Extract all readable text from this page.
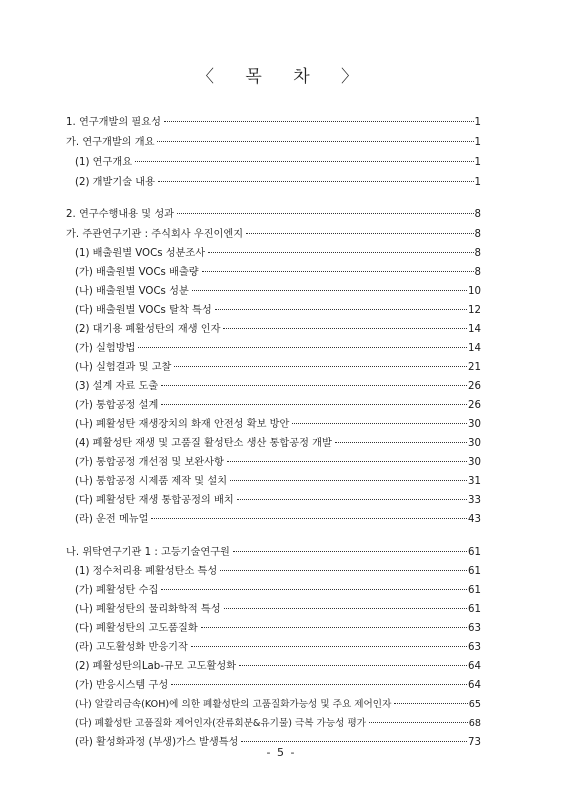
〈 목 차 〉
1. 연구개발의 필요성	1
가. 연구개발의 개요	1
(1) 연구개요	1
(2) 개발기술 내용	1
2. 연구수행내용 및 성과	8
가. 주관연구기관 : 주식회사 우진이엔지	8
(1) 배출원별 VOCs 성분조사	8
(가) 배출원별 VOCs 배출량	8
(나) 배출원별 VOCs 성분	10
(다) 배출원별 VOCs 탈착 특성	12
(2) 대기용 폐활성탄의 재생 인자	14
(가) 실험방법	14
(나) 실험결과 및 고찰	21
(3) 설계 자료 도출	26
(가) 통합공정 설계	26
(나) 폐활성탄 재생장치의 화재 안전성 확보 방안	30
(4) 폐활성탄 재생 및 고품질 활성탄소 생산 통합공정 개발	30
(가) 통합공정 개선점 및 보완사항	30
(나) 통합공정 시제품 제작 및 설치	31
(다) 폐활성탄 재생 통합공정의 배치	33
(라) 운전 메뉴얼	43
나. 위탁연구기관 1 : 고등기술연구원	61
(1) 정수처리용 폐활성탄소 특성	61
(가) 폐활성탄 수집	61
(나) 폐활성탄의 물리화학적 특성	61
(다) 폐활성탄의 고도품질화	63
(라) 고도활성화 반응기작	63
(2) 폐활성탄의Lab-규모 고도활성화	64
(가) 반응시스템 구성	64
(나) 알칼리금속(KOH)에 의한 폐활성탄의 고품질화가능성 및 주요 제어인자	65
(다) 폐활성탄 고품질화 제어인자(잔류회분&유기물) 극복 가능성 평가	68
(라) 활성화과정 (부생)가스 발생특성	73
- 5 -
